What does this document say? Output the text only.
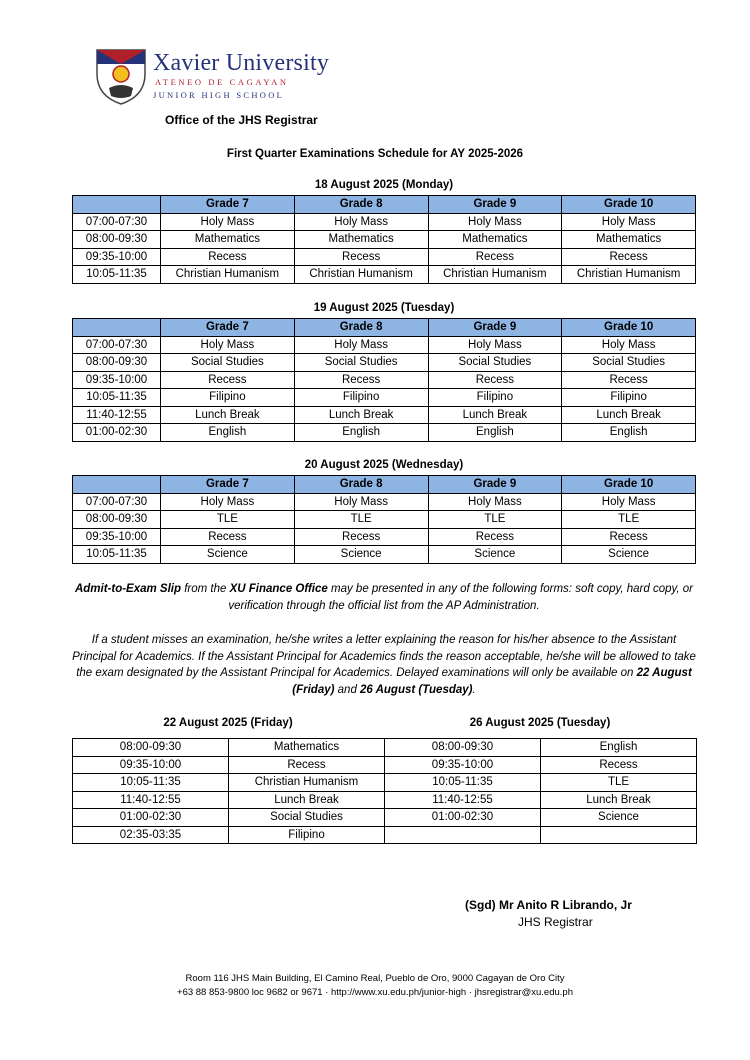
Xavier University
ATENEO DE CAGAYAN
JUNIOR HIGH SCHOOL
Office of the JHS Registrar
First Quarter Examinations Schedule for AY 2025-2026
18 August 2025 (Monday)
	Grade 7	Grade 8	Grade 9	Grade 10
07:00-07:30	Holy Mass	Holy Mass	Holy Mass	Holy Mass
08:00-09:30	Mathematics	Mathematics	Mathematics	Mathematics
09:35-10:00	Recess	Recess	Recess	Recess
10:05-11:35	Christian Humanism	Christian Humanism	Christian Humanism	Christian Humanism
19 August 2025 (Tuesday)
	Grade 7	Grade 8	Grade 9	Grade 10
07:00-07:30	Holy Mass	Holy Mass	Holy Mass	Holy Mass
08:00-09:30	Social Studies	Social Studies	Social Studies	Social Studies
09:35-10:00	Recess	Recess	Recess	Recess
10:05-11:35	Filipino	Filipino	Filipino	Filipino
11:40-12:55	Lunch Break	Lunch Break	Lunch Break	Lunch Break
01:00-02:30	English	English	English	English
20 August 2025 (Wednesday)
	Grade 7	Grade 8	Grade 9	Grade 10
07:00-07:30	Holy Mass	Holy Mass	Holy Mass	Holy Mass
08:00-09:30	TLE	TLE	TLE	TLE
09:35-10:00	Recess	Recess	Recess	Recess
10:05-11:35	Science	Science	Science	Science
Admit-to-Exam Slip from the XU Finance Office may be presented in any of the following forms: soft copy, hard copy, or verification through the official list from the AP Administration.
If a student misses an examination, he/she writes a letter explaining the reason for his/her absence to the Assistant Principal for Academics. If the Assistant Principal for Academics finds the reason acceptable, he/she will be allowed to take the exam designated by the Assistant Principal for Academics. Delayed examinations will only be available on 22 August (Friday) and 26 August (Tuesday).
22 August 2025 (Friday)	26 August 2025 (Tuesday)
08:00-09:30	Mathematics	08:00-09:30	English
09:35-10:00	Recess	09:35-10:00	Recess
10:05-11:35	Christian Humanism	10:05-11:35	TLE
11:40-12:55	Lunch Break	11:40-12:55	Lunch Break
01:00-02:30	Social Studies	01:00-02:30	Science
02:35-03:35	Filipino		
(Sgd) Mr Anito R Librando, Jr
JHS Registrar
Room 116 JHS Main Building, El Camino Real, Pueblo de Oro, 9000 Cagayan de Oro City
+63 88 853-9800 loc 9682 or 9671 · http://www.xu.edu.ph/junior-high · jhsregistrar@xu.edu.ph
